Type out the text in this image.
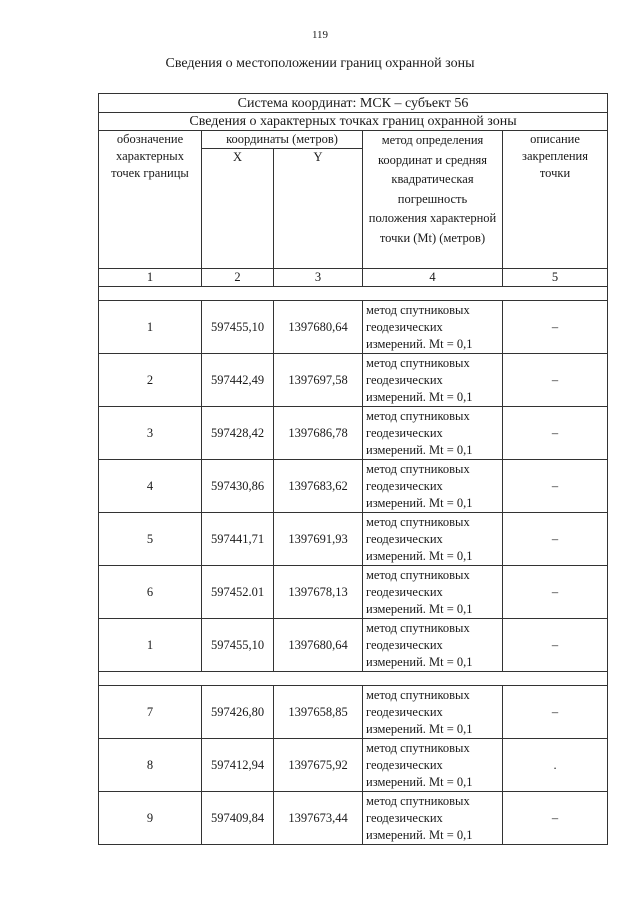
119
Сведения о местоположении границ охранной зоны
Система координат: МСК – субъект 56				
Сведения о характерных точках границ охранной зоны				
обозначение характерных точек границы	координаты (метров)		метод определения координат и средняя квадратическая погрешность положения характерной точки (Mt) (метров)	описание закрепления точки
	X	Y		
1	2	3	4	5

1	597455,10	1397680,64	метод спутниковых геодезических измерений. Mt = 0,1	–
2	597442,49	1397697,58	метод спутниковых геодезических измерений. Mt = 0,1	–
3	597428,42	1397686,78	метод спутниковых геодезических измерений. Mt = 0,1	–
4	597430,86	1397683,62	метод спутниковых геодезических измерений. Mt = 0,1	–
5	597441,71	1397691,93	метод спутниковых геодезических измерений. Mt = 0,1	–
6	597452.01	1397678,13	метод спутниковых геодезических измерений. Mt = 0,1	–
1	597455,10	1397680,64	метод спутниковых геодезических измерений. Mt = 0,1	–

7	597426,80	1397658,85	метод спутниковых геодезических измерений. Mt = 0,1	–
8	597412,94	1397675,92	метод спутниковых геодезических измерений. Mt = 0,1	.
9	597409,84	1397673,44	метод спутниковых геодезических измерений. Mt = 0,1	–
